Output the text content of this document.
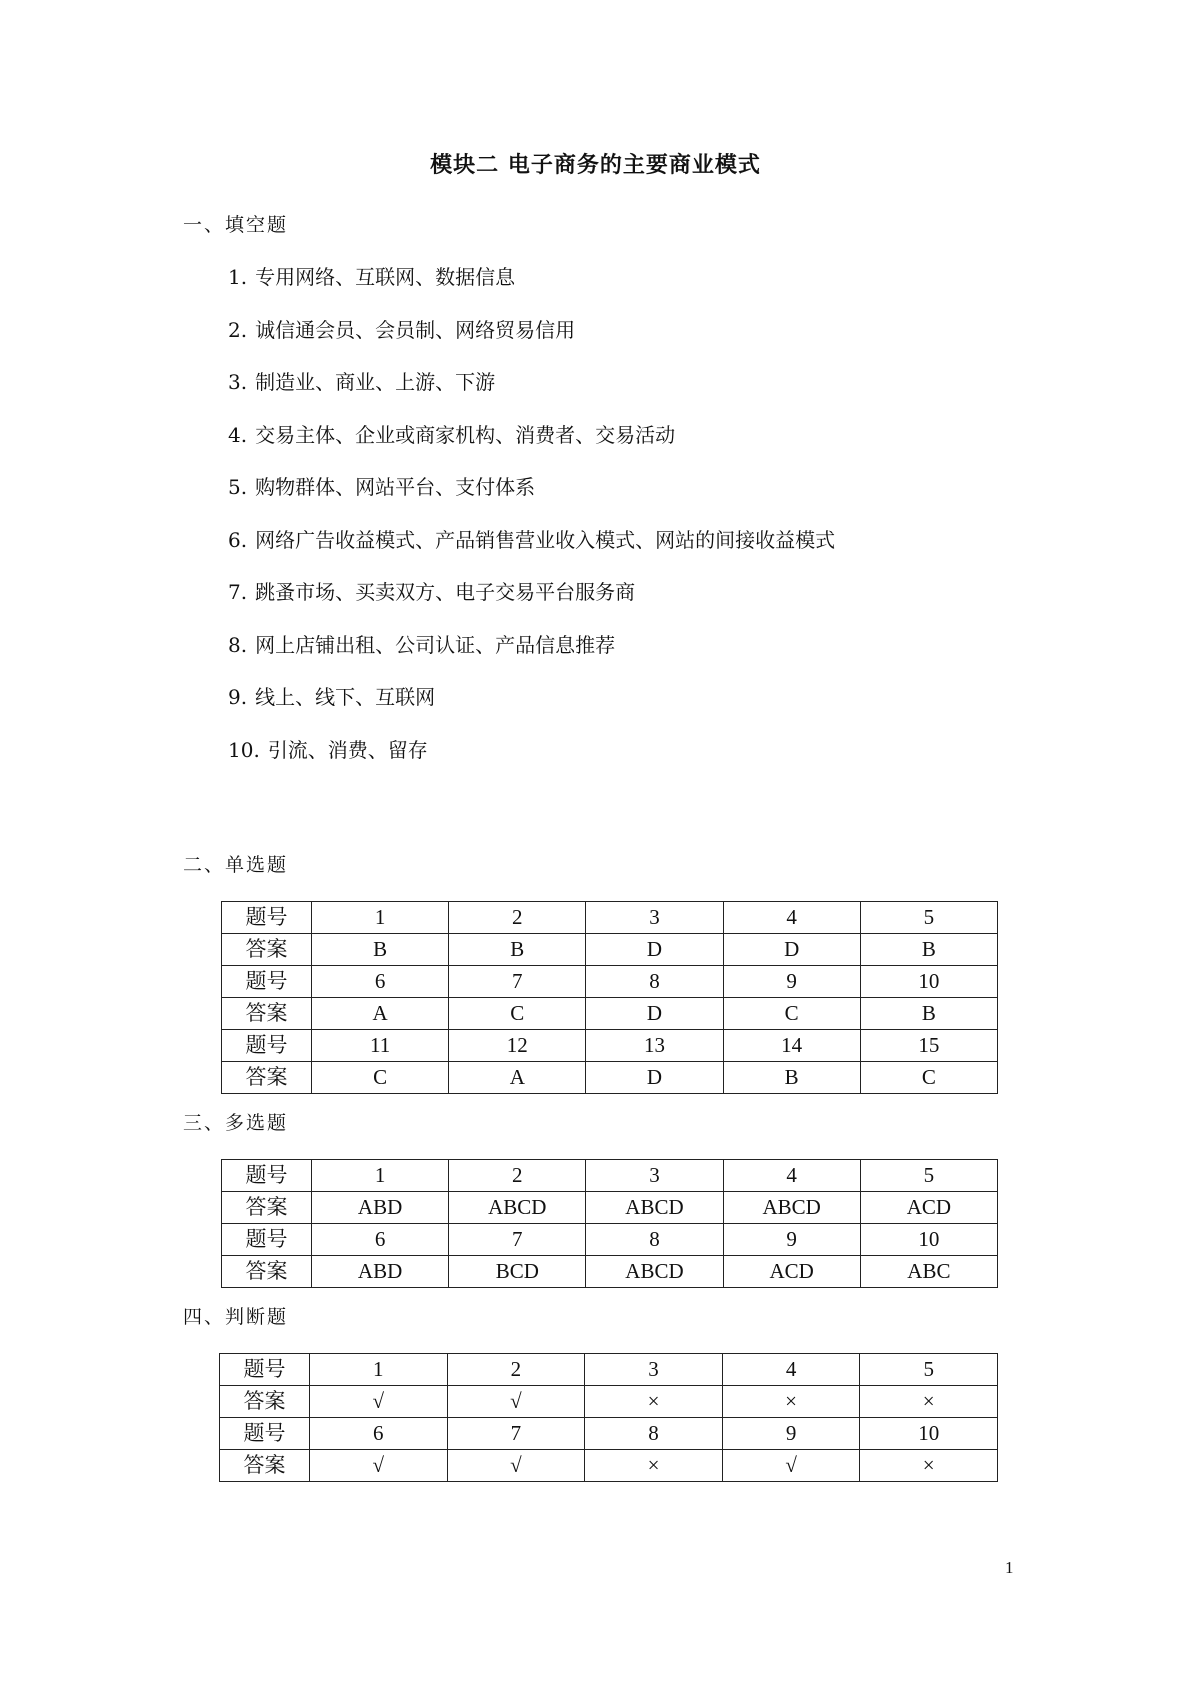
模块二 电子商务的主要商业模式
一、填空题
1. 专用网络、互联网、数据信息
2. 诚信通会员、会员制、网络贸易信用
3. 制造业、商业、上游、下游
4. 交易主体、企业或商家机构、消费者、交易活动
5. 购物群体、网站平台、支付体系
6. 网络广告收益模式、产品销售营业收入模式、网站的间接收益模式
7. 跳蚤市场、买卖双方、电子交易平台服务商
8. 网上店铺出租、公司认证、产品信息推荐
9. 线上、线下、互联网
10. 引流、消费、留存
二、单选题
题号	1	2	3	4	5
答案	B	B	D	D	B
题号	6	7	8	9	10
答案	A	C	D	C	B
题号	11	12	13	14	15
答案	C	A	D	B	C
三、多选题
题号	1	2	3	4	5
答案	ABD	ABCD	ABCD	ABCD	ACD
题号	6	7	8	9	10
答案	ABD	BCD	ABCD	ACD	ABC
四、判断题
题号	1	2	3	4	5
答案	√	√	×	×	×
题号	6	7	8	9	10
答案	√	√	×	√	×
1
